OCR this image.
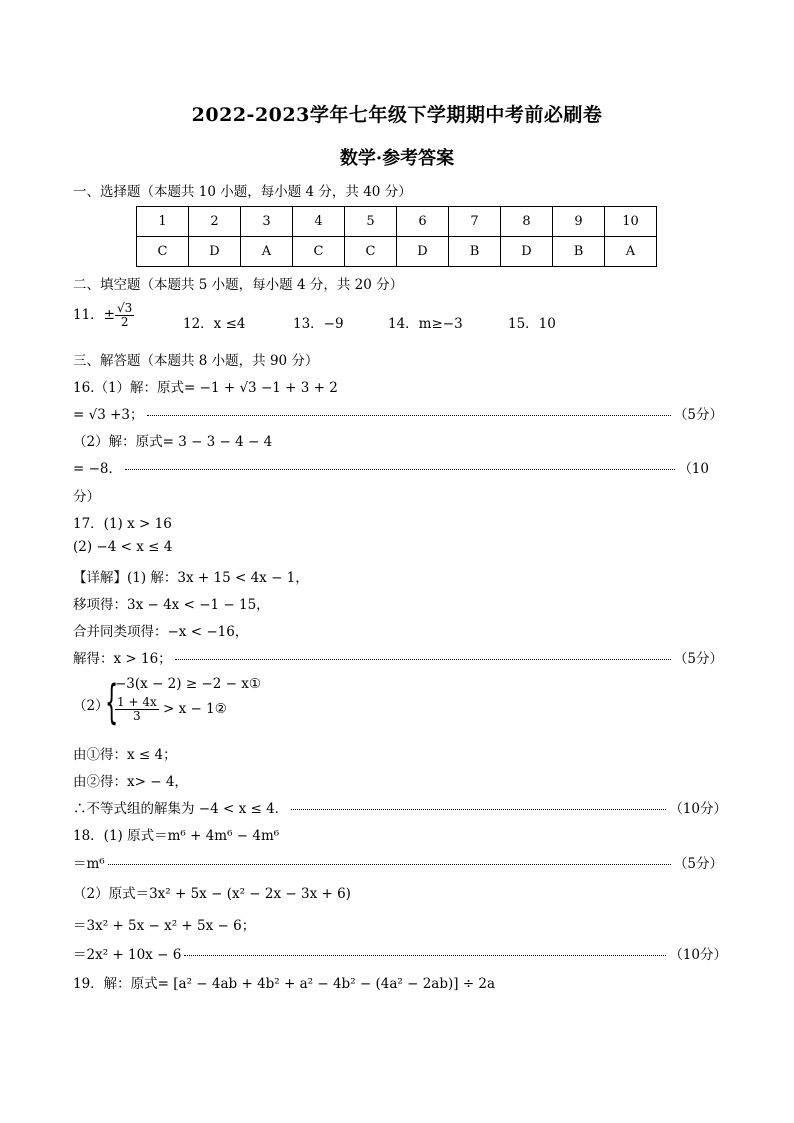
2022-2023学年七年级下学期期中考前必刷卷
数学·参考答案
一、选择题（本题共 10 小题，每小题 4 分，共 40 分）
1	2	3	4	5	6	7	8	9	10
C	D	A	C	C	D	B	D	B	A
二、填空题（本题共 5 小题，每小题 4 分，共 20 分）
11．± $\frac{√3}{2}$	12．x ≤4	13．−9	14．m≥−3	15．10
三、解答题（本题共 8 小题，共 90 分）
16.（1）解：原式= −1 + √3 −1 + 3 + 2
= √3 +3；	（5分）
（2）解：原式= 3 − 3 − 4 − 4
= −8．	（10
分）
17．(1) x > 16
(2) −4 < x ≤ 4
【详解】(1) 解：3x + 15 < 4x − 1，
移项得：3x − 4x < −1 − 15，
合并同类项得：−x < −16，
解得：x > 16；	（5分）
（2）
{
−3(x − 2) ≥ −2 − x①
$\frac{1 + 4x}{3} > x$ − 1②
由①得：x ≤ 4；
由②得：x> − 4，
∴不等式组的解集为 −4 < x ≤ 4．	（10分）
18．(1) 原式＝m⁶ + 4m⁶ − 4m⁶
＝m⁶	（5分）
（2）原式＝3x² + 5x − (x² − 2x − 3x + 6)
＝3x² + 5x − x² + 5x − 6；
＝2x² + 10x − 6	（10分）
19．解：原式= [a² − 4ab + 4b² + a² − 4b² − (4a² − 2ab)] ÷ 2a
